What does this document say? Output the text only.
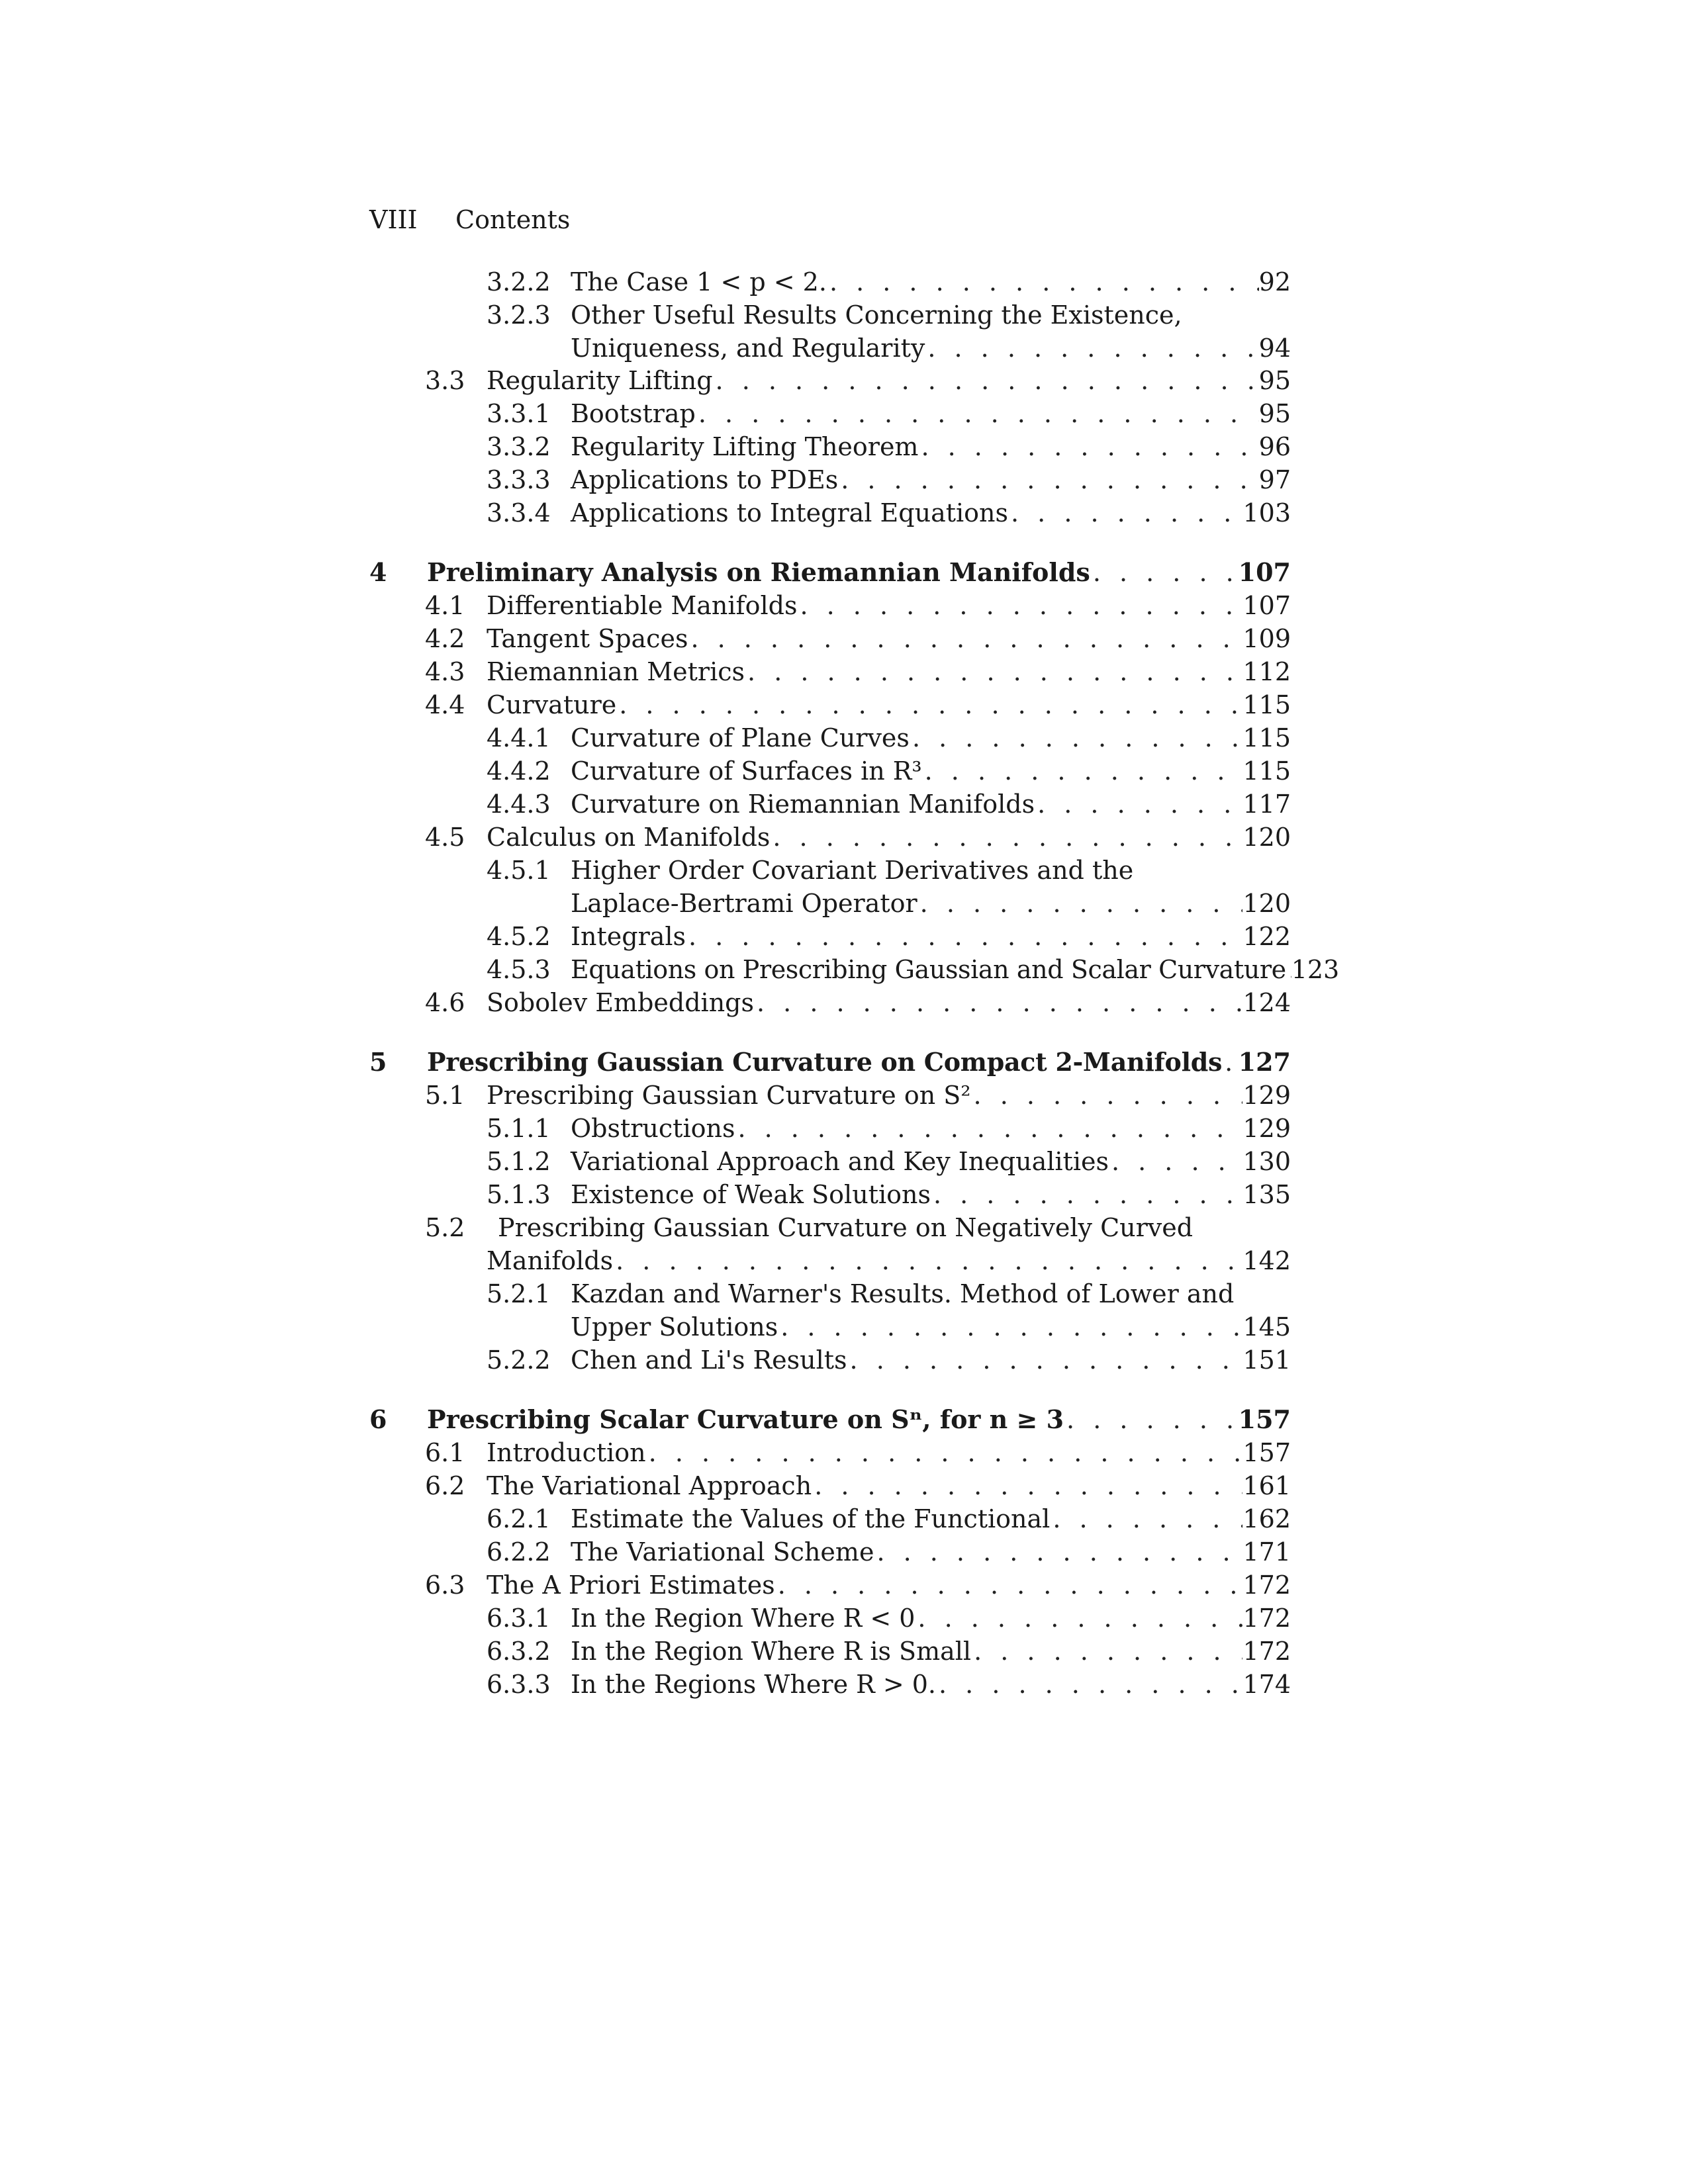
VIII Contents
3.2.2 The Case 1 < p < 2. . . .	92
3.2.3 Other Useful Results Concerning the Existence,
Uniqueness, and Regularity . . .	94
3.3 Regularity Lifting . . .	95
3.3.1 Bootstrap . . .	95
3.3.2 Regularity Lifting Theorem . . .	96
3.3.3 Applications to PDEs . . .	97
3.3.4 Applications to Integral Equations . . .	103
4 Preliminary Analysis on Riemannian Manifolds . . .	107
4.1 Differentiable Manifolds . . .	107
4.2 Tangent Spaces . . .	109
4.3 Riemannian Metrics . . .	112
4.4 Curvature . . .	115
4.4.1 Curvature of Plane Curves . . .	115
4.4.2 Curvature of Surfaces in R³ . . .	115
4.4.3 Curvature on Riemannian Manifolds . . .	117
4.5 Calculus on Manifolds . . .	120
4.5.1 Higher Order Covariant Derivatives and the
Laplace-Bertrami Operator . . .	120
4.5.2 Integrals . . .	122
4.5.3 Equations on Prescribing Gaussian and Scalar Curvature . . . 123
4.6 Sobolev Embeddings . . .	124
5 Prescribing Gaussian Curvature on Compact 2-Manifolds . . . 127
5.1 Prescribing Gaussian Curvature on S² . . .	129
5.1.1 Obstructions . . .	129
5.1.2 Variational Approach and Key Inequalities . . .	130
5.1.3 Existence of Weak Solutions . . .	135
5.2 Prescribing Gaussian Curvature on Negatively Curved
Manifolds . . .	142
5.2.1 Kazdan and Warner's Results. Method of Lower and
Upper Solutions . . .	145
5.2.2 Chen and Li's Results . . .	151
6 Prescribing Scalar Curvature on Sⁿ, for n ≥ 3 . . .	157
6.1 Introduction . . .	157
6.2 The Variational Approach . . .	161
6.2.1 Estimate the Values of the Functional . . .	162
6.2.2 The Variational Scheme . . .	171
6.3 The A Priori Estimates . . .	172
6.3.1 In the Region Where R < 0 . . .	172
6.3.2 In the Region Where R is Small . . .	172
6.3.3 In the Regions Where R > 0. . . .	174
